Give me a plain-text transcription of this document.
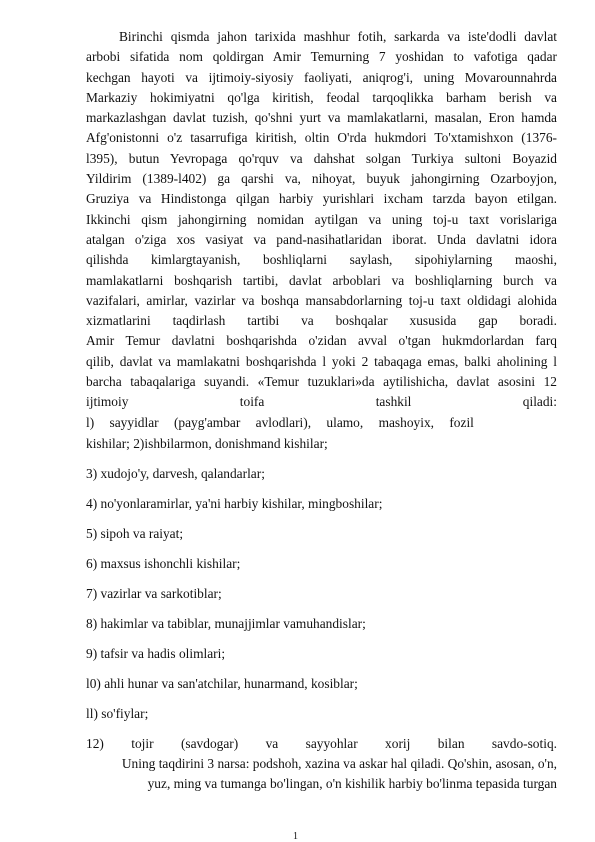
Birinchi qismda jahon tarixida mashhur fotih, sarkarda va iste'dodli davlat
arbobi sifatida nom qoldirgan Amir Temurning 7 yoshidan to vafotiga qadar
kechgan hayoti va ijtimoiy-siyosiy faoliyati, aniqrog'i, uning Movarounnahrda
Markaziy hokimiyatni qo'lga kiritish, feodal tarqoqlikka barham berish va
markazlashgan davlat tuzish, qo'shni yurt va mamlakatlarni, masalan, Eron hamda
Afg'onistonni o'z tasarrufiga kiritish, oltin O'rda hukmdori To'xtamishxon (1376-
l395), butun Yevropaga qo'rquv va dahshat solgan Turkiya sultoni Boyazid
Yildirim (1389-l402) ga qarshi va, nihoyat, buyuk jahongirning Ozarboyjon,
Gruziya va Hindistonga qilgan harbiy yurishlari ixcham tarzda bayon etilgan.
Ikkinchi qism jahongirning nomidan aytilgan va uning toj-u taxt vorislariga
atalgan o'ziga xos vasiyat va pand-nasihatlaridan iborat. Unda davlatni idora
qilishda kimlargtayanish, boshliqlarni saylash, sipohiylarning maoshi,
mamlakatlarni boshqarish tartibi, davlat arboblari va boshliqlarning burch va
vazifalari, amirlar, vazirlar va boshqa mansabdorlarning toj-u taxt oldidagi alohida
xizmatlarini taqdirlash tartibi va boshqalar xususida gap boradi.
Amir Temur davlatni boshqarishda o'zidan avval o'tgan hukmdorlardan farq
qilib, davlat va mamlakatni boshqarishda l yoki 2 tabaqaga emas, balki aholining l
barcha tabaqalariga suyandi. «Temur tuzuklari»da aytilishicha, davlat asosini 12
ijtimoiy toifa tashkil qiladi:
l) sayyidlar (payg'ambar avlodlari), ulamo, mashoyix, fozil
kishilar; 2)ishbilarmon, donishmand kishilar;
3) xudojo'y, darvesh, qalandarlar;
4) no'yonlaramirlar, ya'ni harbiy kishilar, mingboshilar;
5) sipoh va raiyat;
6) maxsus ishonchli kishilar;
7) vazirlar va sarkotiblar;
8) hakimlar va tabiblar, munajjimlar vamuhandislar;
9) tafsir va hadis olimlari;
l0) ahli hunar va san'atchilar, hunarmand, kosiblar;
ll) so'fiylar;
12) tojir (savdogar) va sayyohlar xorij bilan savdo-sotiq.
Uning taqdirini 3 narsa: podshoh, xazina va askar hal qiladi. Qo'shin, asosan, o'n,
yuz, ming va tumanga bo'lingan, o'n kishilik harbiy bo'linma tepasida turgan
1
